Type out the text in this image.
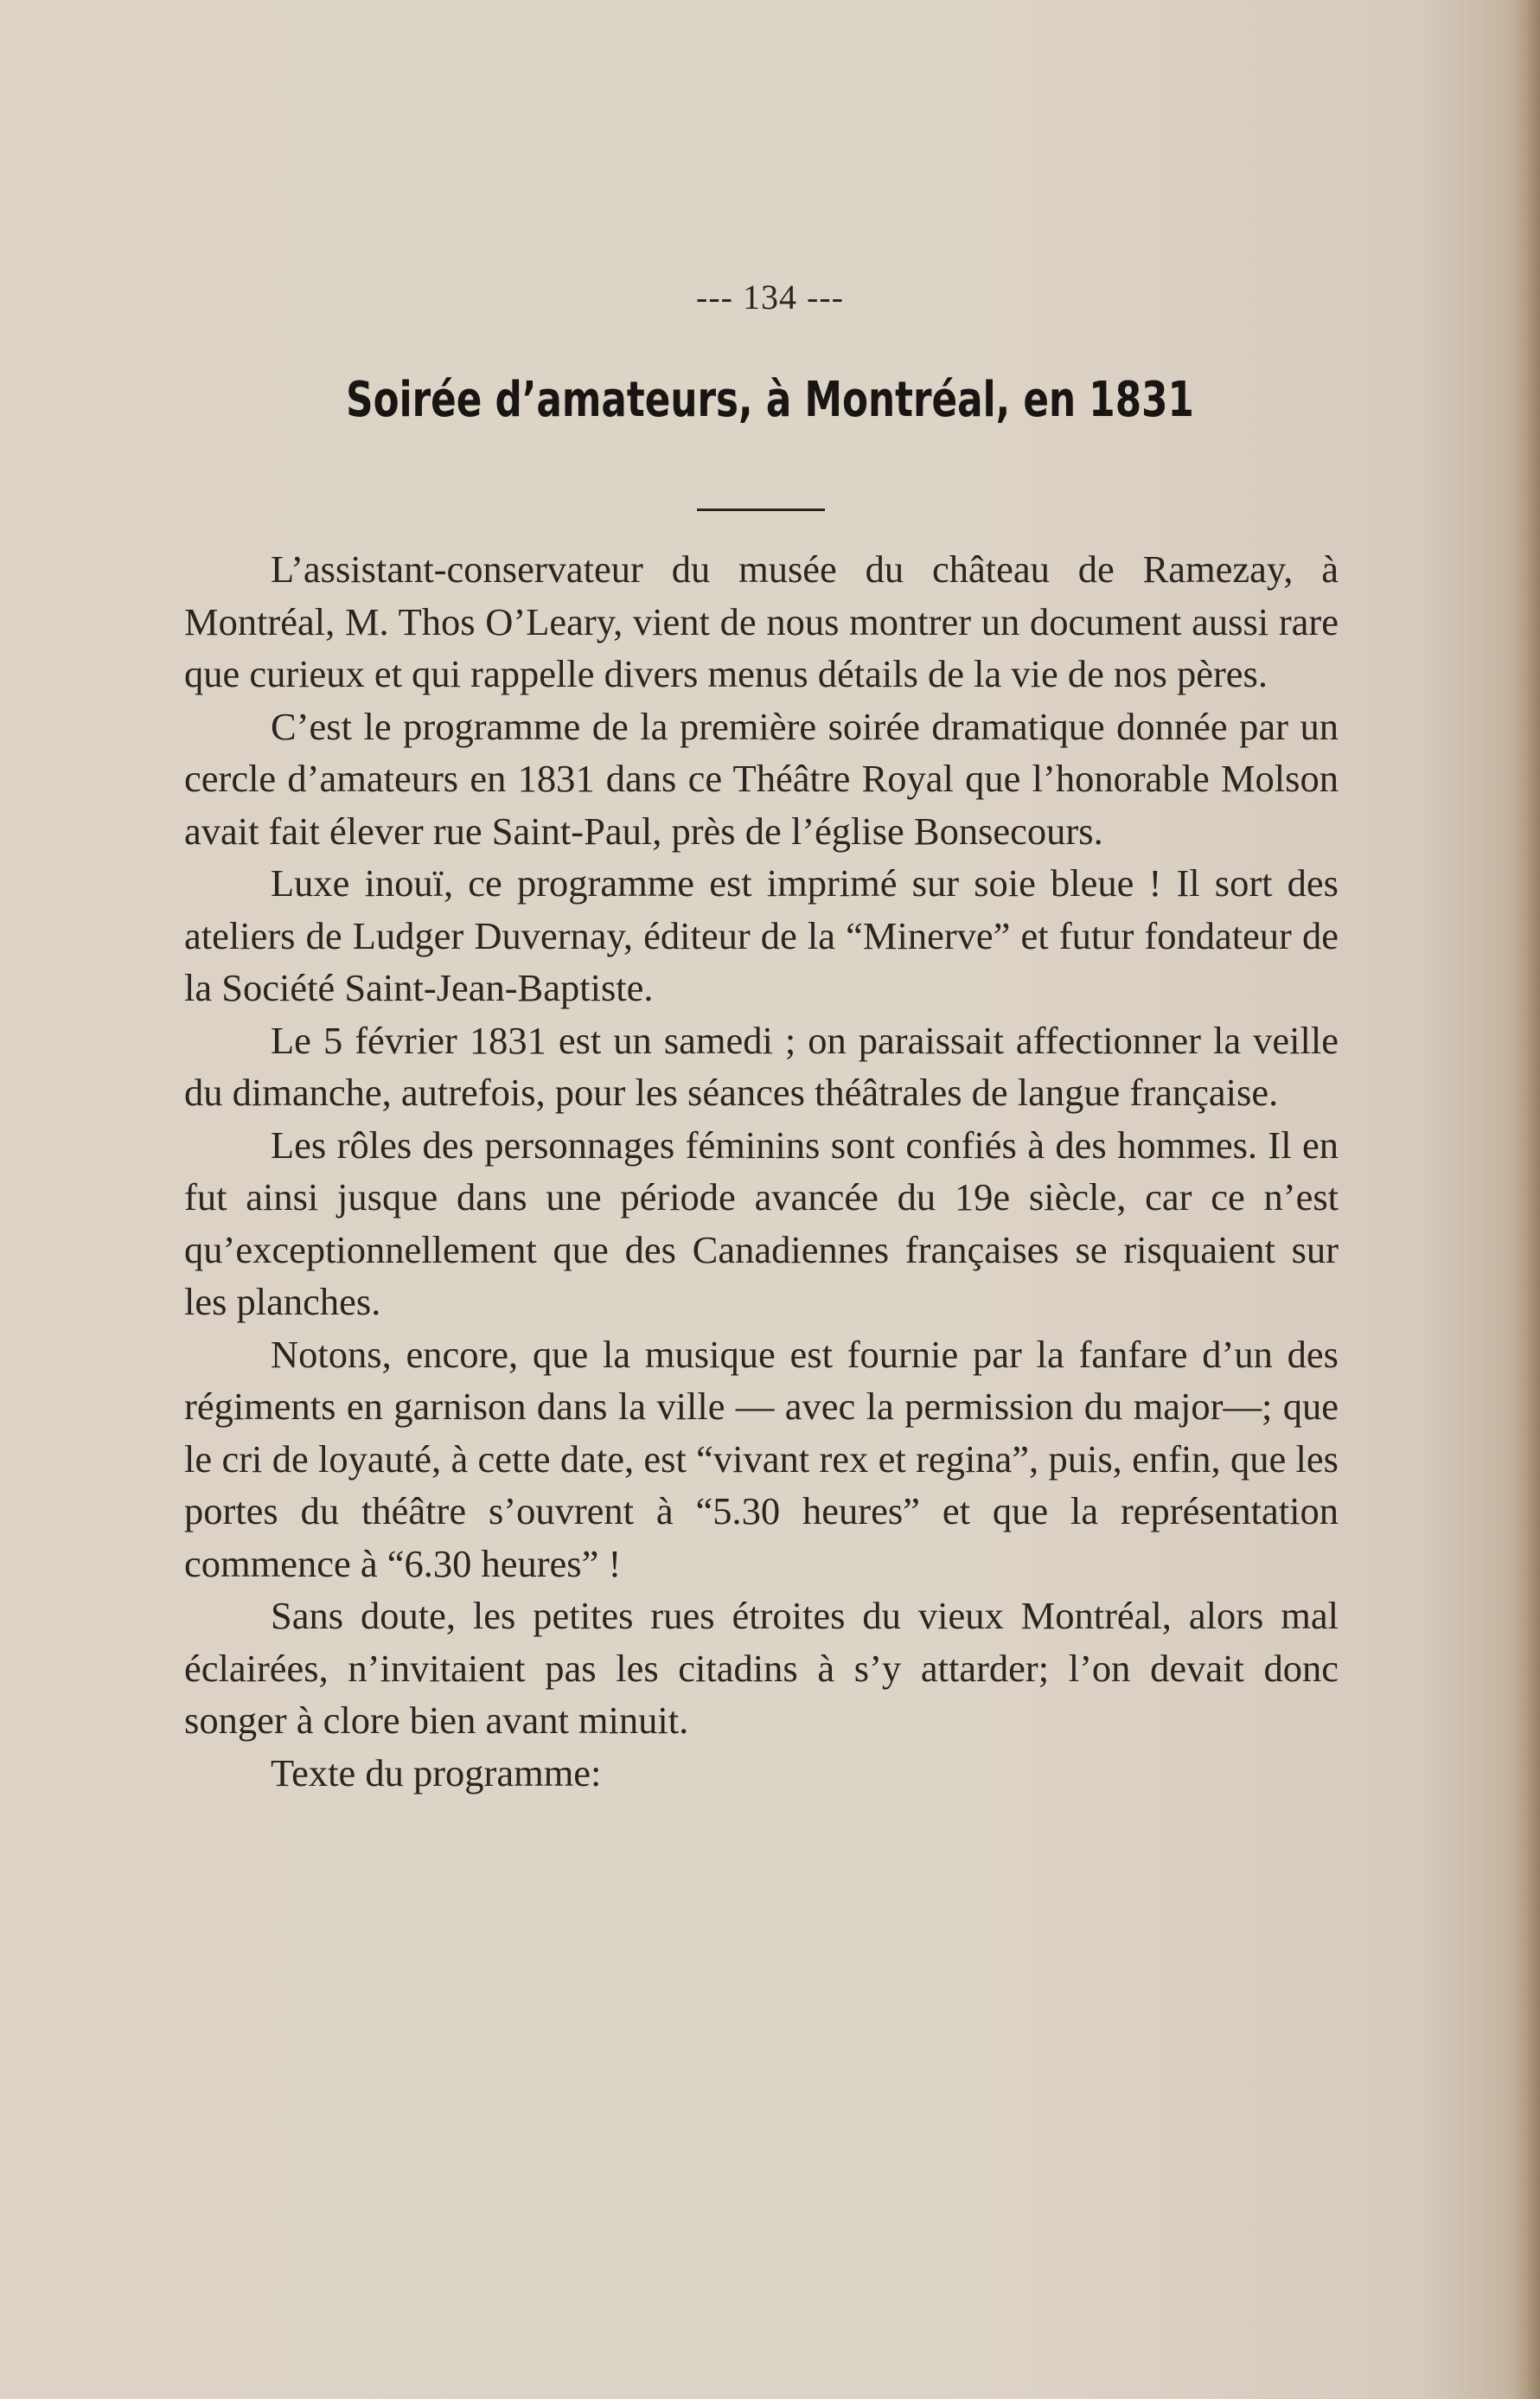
--- 134 ---
Soirée d’amateurs, à Montréal, en 1831

L’assistant-conservateur du musée du château de Ramezay, à Montréal, M. Thos O’Leary, vient de nous montrer un document aussi rare que curieux et qui rappelle divers menus détails de la vie de nos pères.

C’est le programme de la première soirée dramatique donnée par un cercle d’amateurs en 1831 dans ce Théâtre Royal que l’honorable Molson avait fait élever rue Saint-Paul, près de l’église Bonsecours.

Luxe inouï, ce programme est imprimé sur soie bleue ! Il sort des ateliers de Ludger Duvernay, éditeur de la “Minerve” et futur fondateur de la Société Saint-Jean-Baptiste.

Le 5 février 1831 est un samedi ; on paraissait affectionner la veille du dimanche, autrefois, pour les séances théâtrales de langue française.

Les rôles des personnages féminins sont confiés à des hommes. Il en fut ainsi jusque dans une période avancée du 19e siècle, car ce n’est qu’exceptionnellement que des Canadiennes françaises se risquaient sur les planches.

Notons, encore, que la musique est fournie par la fanfare d’un des régiments en garnison dans la ville — avec la permission du major—; que le cri de loyauté, à cette date, est “vivant rex et regina”, puis, enfin, que les portes du théâtre s’ouvrent à “5.30 heures” et que la représentation commence à “6.30 heures” !

Sans doute, les petites rues étroites du vieux Montréal, alors mal éclairées, n’invitaient pas les citadins à s’y attarder; l’on devait donc songer à clore bien avant minuit.

Texte du programme:
